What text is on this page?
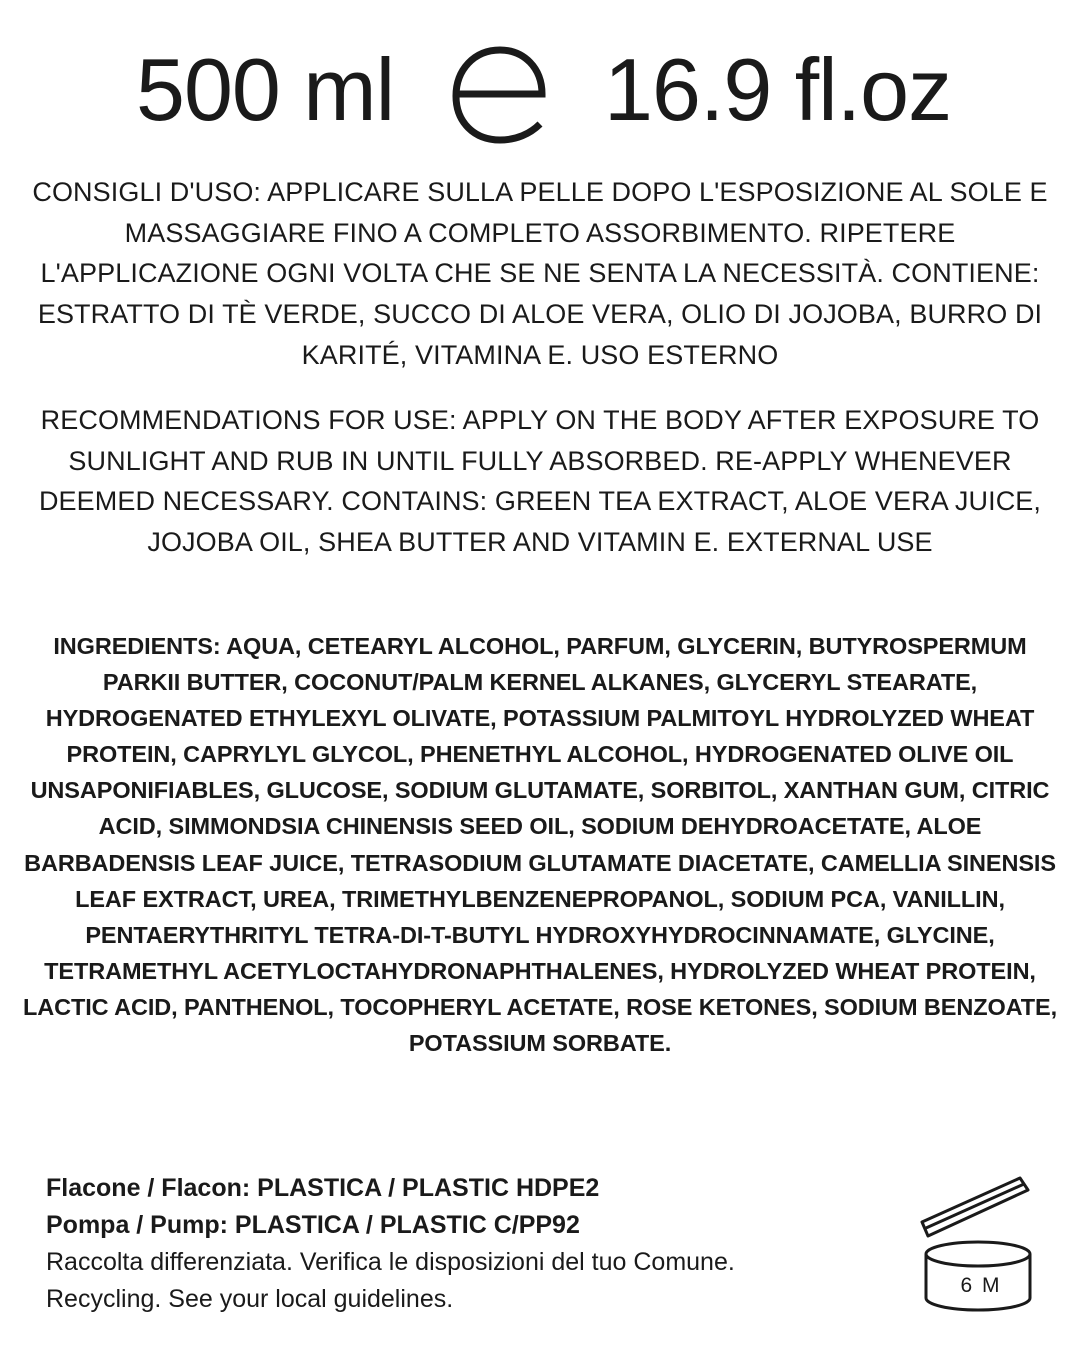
500 ml 16.9 fl.oz
CONSIGLI D'USO: APPLICARE SULLA PELLE DOPO L'ESPOSIZIONE AL SOLE E MASSAGGIARE FINO A COMPLETO ASSORBIMENTO. RIPETERE L'APPLICAZIONE OGNI VOLTA CHE SE NE SENTA LA NECESSITÀ. CONTIENE: ESTRATTO DI TÈ VERDE, SUCCO DI ALOE VERA, OLIO DI JOJOBA, BURRO DI KARITÉ, VITAMINA E. USO ESTERNO
RECOMMENDATIONS FOR USE: APPLY ON THE BODY AFTER EXPOSURE TO SUNLIGHT AND RUB IN UNTIL FULLY ABSORBED. RE-APPLY WHENEVER DEEMED NECESSARY. CONTAINS: GREEN TEA EXTRACT, ALOE VERA JUICE, JOJOBA OIL, SHEA BUTTER AND VITAMIN E. EXTERNAL USE
INGREDIENTS: AQUA, CETEARYL ALCOHOL, PARFUM, GLYCERIN, BUTYROSPERMUM PARKII BUTTER, COCONUT/PALM KERNEL ALKANES, GLYCERYL STEARATE, HYDROGENATED ETHYLEXYL OLIVATE, POTASSIUM PALMITOYL HYDROLYZED WHEAT PROTEIN, CAPRYLYL GLYCOL, PHENETHYL ALCOHOL, HYDROGENATED OLIVE OIL UNSAPONIFIABLES, GLUCOSE, SODIUM GLUTAMATE, SORBITOL, XANTHAN GUM, CITRIC ACID, SIMMONDSIA CHINENSIS SEED OIL, SODIUM DEHYDROACETATE, ALOE BARBADENSIS LEAF JUICE, TETRASODIUM GLUTAMATE DIACETATE, CAMELLIA SINENSIS LEAF EXTRACT, UREA, TRIMETHYLBENZENEPROPANOL, SODIUM PCA, VANILLIN, PENTAERYTHRITYL TETRA-DI-T-BUTYL HYDROXYHYDROCINNAMATE, GLYCINE, TETRAMETHYL ACETYLOCTAHYDRONAPHTHALENES, HYDROLYZED WHEAT PROTEIN, LACTIC ACID, PANTHENOL, TOCOPHERYL ACETATE, ROSE KETONES, SODIUM BENZOATE, POTASSIUM SORBATE.
Flacone / Flacon: PLASTICA / PLASTIC HDPE2
Pompa / Pump: PLASTICA / PLASTIC C/PP92
Raccolta differenziata. Verifica le disposizioni del tuo Comune.
Recycling. See your local guidelines.	6 M
